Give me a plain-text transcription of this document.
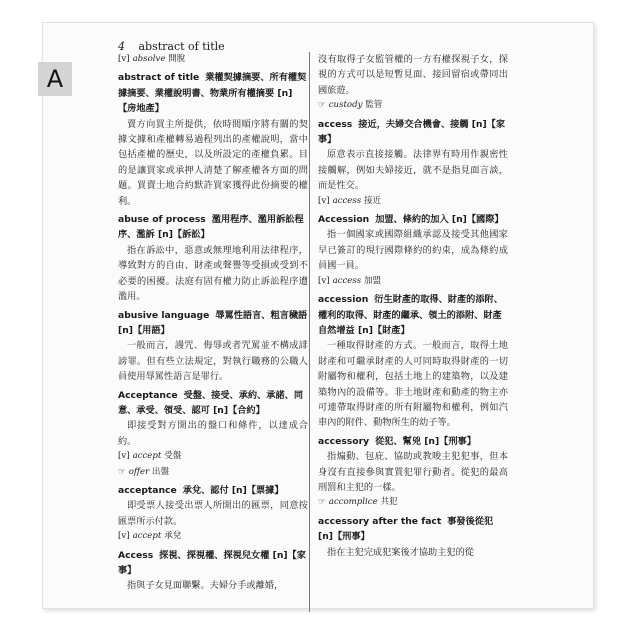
A
4 abstract of title
[v] absolve 開脫
abstract of title 業權契據摘要、所有權契據摘要、業權說明書、物業所有權摘要 [n]【房地產】
賣方向買主所提供，依時間順序將有關的契據文據和產權轉易過程列出的產權說明，當中包括產權的歷史，以及所設定的產權負累。目的是讓買家或承押人清楚了解產權各方面的問題。買賣土地合約默許買家獲得此份摘要的權利。
abuse of process 濫用程序、濫用訴訟程序、濫訴 [n]【訴訟】
指在訴訟中，惡意或無理地利用法律程序，導致對方的自由、財產或聲譽等受損或受到不必要的困擾。法庭有固有權力防止訴訟程序遭濫用。
abusive language 辱罵性語言、粗言穢語 [n]【用語】
一般而言，謾咒、侮辱或者咒罵並不構成誹謗罪。但有些立法規定，對執行職務的公職人員使用辱罵性語言是罪行。
Acceptance 受盤、接受、承約、承諾、同意、承受、領受、認可 [n]【合約】
即接受對方開出的盤口和條件，以達成合約。
[v] accept 受盤
☞ offer 出盤
acceptance 承兌、認付 [n]【票據】
即受票人接受出票人所開出的匯票，同意按匯票所示付款。
[v] accept 承兌
Access 探視、探視權、探視兒女權 [n]【家事】
指與子女見面聯繫。夫婦分手或離婚，
沒有取得子女監管權的一方有權探視子女，探視的方式可以是短暫見面、接回留宿或帶同出國旅遊。
☞ custody 監管
access 接近，夫婦交合機會、接觸 [n]【家事】
原意表示直接接觸。法律界有時用作親密性接觸解，例如夫婦接近，就不是指見面言談，而是性交。
[v] access 接近
Accession 加盟、條約的加入 [n]【國際】
指一個國家或國際組織承認及接受其他國家早已簽訂的現行國際條約的約束，成為條約成員國一員。
[v] access 加盟
accession 衍生財產的取得、財產的添附、權利的取得、財產的繼承、領土的添附、財產自然增益 [n]【財產】
一種取得財產的方式。一般而言，取得土地財產和可繼承財產的人可同時取得財產的一切附屬物和權利，包括土地上的建築物，以及建築物內的設備等。非土地財產和動產的物主亦可連帶取得財產的所有附屬物和權利，例如汽車內的附件、動物所生的幼子等。
accessory 從犯、幫兇 [n]【刑事】
指煽動、包庇、協助或教唆主犯犯事，但本身沒有直接參與實質犯罪行動者。從犯的最高刑罰和主犯的一樣。
☞ accomplice 共犯
accessory after the fact 事發後從犯 [n]【刑事】
指在主犯完成犯案後才協助主犯的從
